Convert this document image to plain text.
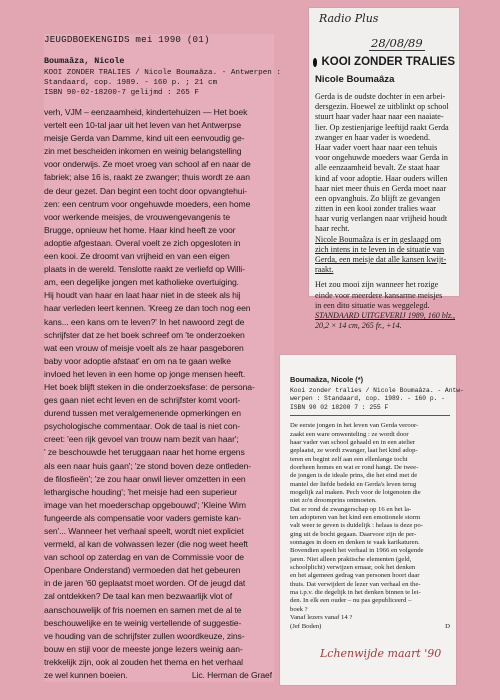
JEUGDBOEKENGIDS mei 1990 (01)
Boumaâza, Nicole
KOOI ZONDER TRALIES / Nicole Boumaâza. - Antwerpen :
Standaard, cop. 1989. - 160 p. ; 21 cm
ISBN 90-02-18200-7 gelijmd : 265 F
verh, VJM – eenzaamheid, kindertehuizen — Het boek
vertelt een 10-tal jaar uit het leven van het Antwerpse
meisje Gerda van Damme, kind uit een eenvoudig ge-
zin met bescheiden inkomen en weinig belangstelling
voor onderwijs. Ze moet vroeg van school af en naar de
fabriek; alse 16 is, raakt ze zwanger; thuis wordt ze aan
de deur gezet. Dan begint een tocht door opvangtehui-
zen: een centrum voor ongehuwde moeders, een home
voor werkende meisjes, de vrouwengevangenis te
Brugge, opnieuw het home. Haar kind heeft ze voor
adoptie afgestaan. Overal voelt ze zich opgesloten in
een kooi. Ze droomt van vrijheid en van een eigen
plaats in de wereld. Tenslotte raakt ze verliefd op Willi-
am, een degelijke jongen met katholieke overtuiging.
Hij houdt van haar en laat haar niet in de steek als hij
haar verleden leert kennen. 'Kreeg ze dan toch nog een
kans... een kans om te leven?' In het nawoord zegt de
schrijfster dat ze het boek schreef om 'te onderzoeken
wat een vrouw of meisje voelt als ze haar pasgeboren
baby voor adoptie afstaat' en om na te gaan welke
invloed het leven in een home op jonge mensen heeft.
Het boek blijft steken in die onderzoeksfase: de persona-
ges gaan niet echt leven en de schrijfster komt voort-
durend tussen met veralgemenende opmerkingen en
psychologische commentaar. Ook de taal is niet con-
creet: 'een rijk gevoel van trouw nam bezit van haar';
' ze beschouwde het teruggaan naar het home ergens
als een naar huis gaan'; 'ze stond boven deze ontleden-
de filosfieën'; 'ze zou haar onwil liever omzetten in een
lethargische houding'; 'het meisje had een superieur
image van het moederschap opgebouwd'; 'Kleine Wim
fungeerde als compensatie voor vaders gemiste kan-
sen'... Wanneer het verhaal speelt, wordt niet expliciet
vermeld, al kan de volwassen lezer (die nog weet heeft
van school op zaterdag en van de Commissie voor de
Openbare Onderstand) vermoeden dat het gebeuren
in de jaren '60 geplaatst moet worden. Of de jeugd dat
zal ontdekken? De taal kan men bezwaarlijk vlot of
aanschouwelijk of fris noemen en samen met de al te
beschouwelijke en te weinig vertellende of suggestie-
ve houding van de schrijfster zullen woordkeuze, zins-
bouw en stijl voor de meeste jonge lezers weinig aan-
trekkelijk zijn, ook al zouden het thema en het verhaal
ze wel kunnen boeien.	Lic. Herman de Graef
Radio Plus
28/08/89
KOOI ZONDER TRALIES
Nicole Boumaâza
Gerda is de oudste dochter in een arbei-
dersgezin. Hoewel ze uitblinkt op school
stuurt haar vader haar naar een naaiate-
lier. Op zestienjarige leeftijd raakt Gerda
zwanger en haar vader is woedend.
Haar vader voert haar naar een tehuis
voor ongehuwde moeders waar Gerda in
alle eenzaamheid bevalt. Ze staat haar
kind af voor adoptie. Haar ouders willen
haar niet meer thuis en Gerda moet naar
een opvanghuis. Zo blijft ze gevangen
zitten in een kooi zonder tralies waar
haar vurig verlangen naar vrijheid houdt
haar recht.
Nicole Boumaâza is er in geslaagd om
zich intens in te leven in de situatie van
Gerda, een meisje dat alle kansen kwijt-
raakt.
Het zou mooi zijn wanneer het rozige
einde voor meerdere kansarme meisjes
in een dito situatie was weggelegd.
STANDAARD UITGEVERIJ 1989, 160 blz.,
20,2 × 14 cm, 265 fr., +14.
Boumaâza, Nicole (*)
Kooi zonder tralies / Nicole Boumaâza. - Antw-
werpen : Standaard, cop. 1989. - 160 p. -
ISBN 90 02 18200 7 : 255 F
De eerste jongen in het leven van Gerda veroor-
zaakt een ware omwenteling : ze wordt door
haar vader van school gehaald en in een atelier
geplaatst, ze wordt zwanger, laat het kind adop-
teren en begint zelf aan een ellenlange tocht
doorheen homes en wat er rond hangt. De twee-
de jongen is de ideale prins, die het eind met de
mantel der liefde bedekt en Gerda's leven terug
mogelijk zal maken. Pech voor de lotgenoten die
niet zo'n droomprins ontmoeten.
Dat er rond de zwangerschap op 16 en het la-
ten adopteren van het kind een emotionele storm
valt weer te geven is duidelijk : helaas is deze po-
ging uit de bocht gegaan. Daarvoor zijn de per-
sonnages in doen en denken te vaak karikaturen.
Bovendien speelt het verhaal in 1966 en volgende
jaren. Niet alleen praktische elementen (geld,
schoolplicht) verwijzen ernaar, ook het denken
en het algemeen gedrag van personen hoort daar
thuis. Dat verwijdert de lezer van verhaal en the-
ma i.p.v. die degelijk in het denken binnen te lei-
den. In elk een ouder – nu pas gepubliceerd –
boek ?
Vanaf lezers vanaf 14 ?
(Jef Boden)	D
Lchenwijde maart '90
